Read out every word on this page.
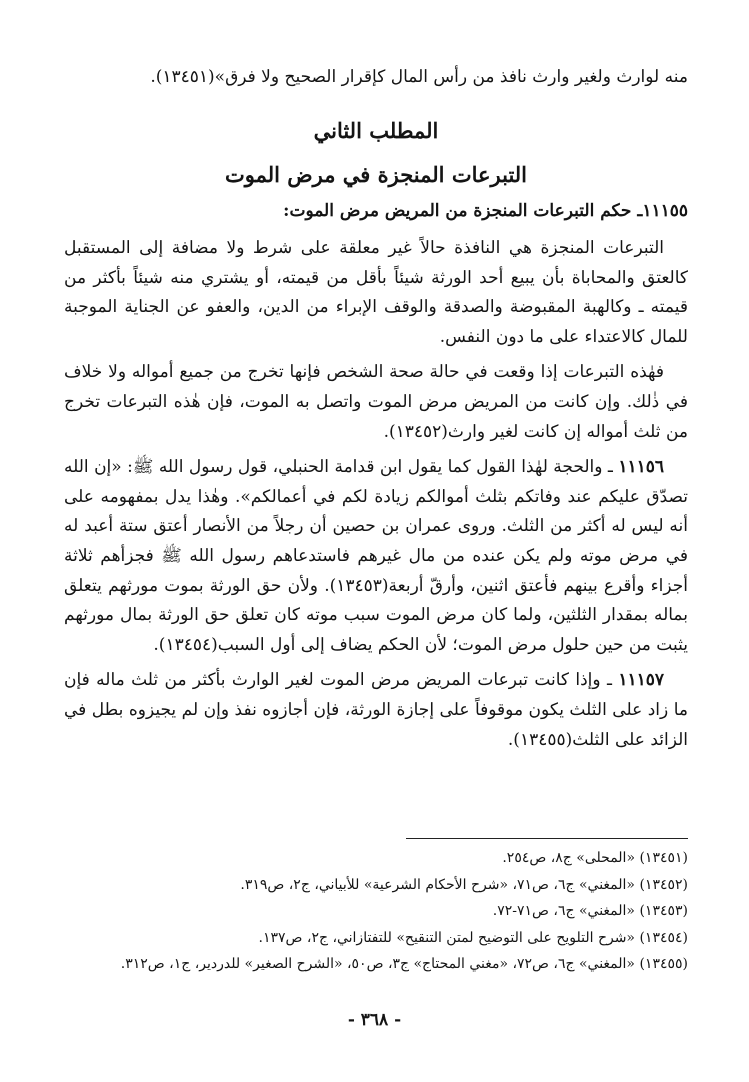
منه لوارث ولغير وارث نافذ من رأس المال كإقرار الصحيح ولا فرق»(١٣٤٥١).

المطلب الثاني
التبرعات المنجزة في مرض الموت

١١١٥٥ـ حكم التبرعات المنجزة من المريض مرض الموت:

التبرعات المنجزة هي النافذة حالاً غير معلقة على شرط ولا مضافة إلى المستقبل كالعتق والمحاباة بأن يبيع أحد الورثة شيئاً بأقل من قيمته، أو يشتري منه شيئاً بأكثر من قيمته ـ وكالهبة المقبوضة والصدقة والوقف الإبراء من الدين، والعفو عن الجناية الموجبة للمال كالاعتداء على ما دون النفس.

فهٰذه التبرعات إذا وقعت في حالة صحة الشخص فإنها تخرج من جميع أمواله ولا خلاف في ذٰلك. وإن كانت من المريض مرض الموت واتصل به الموت، فإن هٰذه التبرعات تخرج من ثلث أمواله إن كانت لغير وارث(١٣٤٥٢).

١١١٥٦ ـ والحجة لهٰذا القول كما يقول ابن قدامة الحنبلي، قول رسول الله ﷺ: «إن الله تصدّق عليكم عند وفاتكم بثلث أموالكم زيادة لكم في أعمالكم». وهٰذا يدل بمفهومه على أنه ليس له أكثر من الثلث. وروى عمران بن حصين أن رجلاً من الأنصار أعتق ستة أعبد له في مرض موته ولم يكن عنده من مال غيرهم فاستدعاهم رسول الله ﷺ فجزأهم ثلاثة أجزاء وأقرع بينهم فأعتق اثنين، وأرقّ أربعة(١٣٤٥٣). ولأن حق الورثة بموت مورثهم يتعلق بماله بمقدار الثلثين، ولما كان مرض الموت سبب موته كان تعلق حق الورثة بمال مورثهم يثبت من حين حلول مرض الموت؛ لأن الحكم يضاف إلى أول السبب(١٣٤٥٤).

١١١٥٧ ـ وإذا كانت تبرعات المريض مرض الموت لغير الوارث بأكثر من ثلث ماله فإن ما زاد على الثلث يكون موقوفاً على إجازة الورثة، فإن أجازوه نفذ وإن لم يجيزوه بطل في الزائد على الثلث(١٣٤٥٥).

(١٣٤٥١) «المحلى» ج٨، ص٢٥٤.

(١٣٤٥٢) «المغني» ج٦، ص٧١، «شرح الأحكام الشرعية» للأبياني، ج٢، ص٣١٩.

(١٣٤٥٣) «المغني» ج٦، ص٧١-٧٢.

(١٣٤٥٤) «شرح التلويح على التوضيح لمتن التنقيح» للتفتازاني، ج٢، ص١٣٧.

(١٣٤٥٥) «المغني» ج٦، ص٧٢، «مغني المحتاج» ج٣، ص٥٠، «الشرح الصغير» للدردير، ج١، ص٣١٢.

- ٣٦٨ -
